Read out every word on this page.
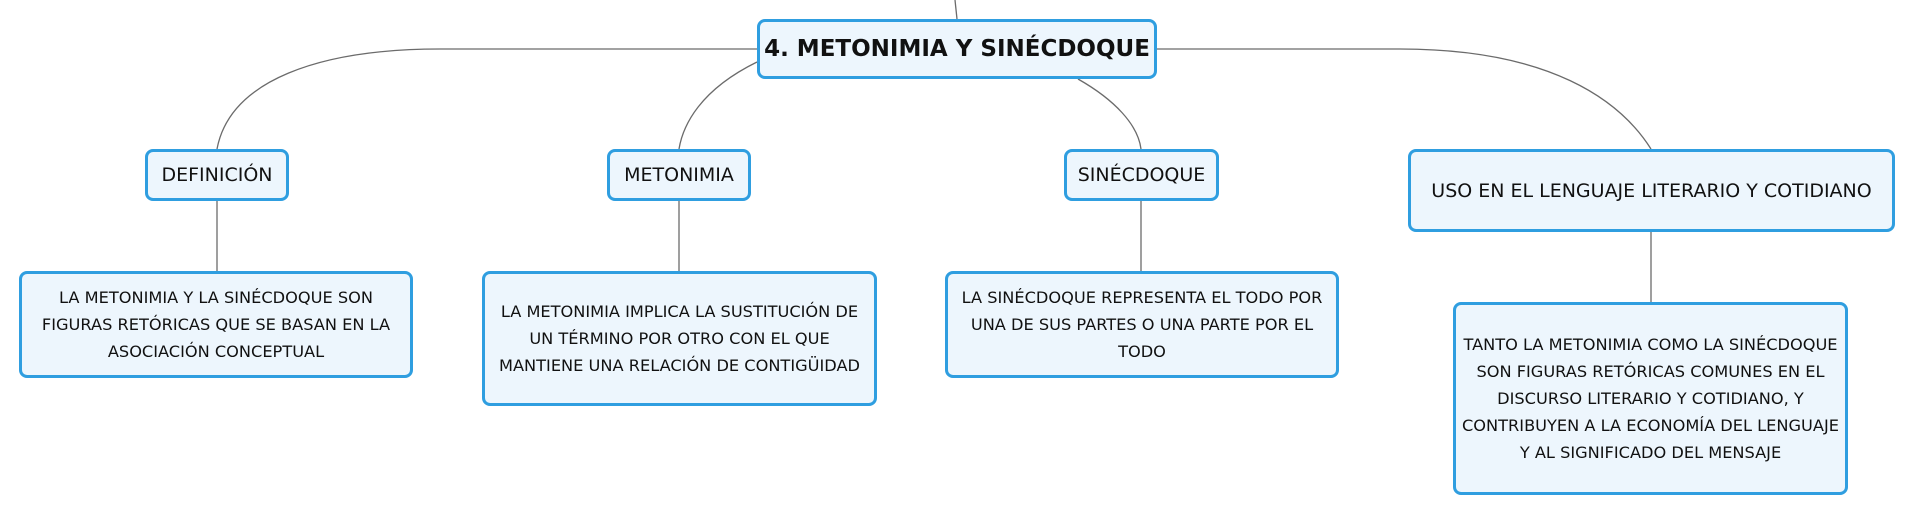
4. METONIMIA Y SINÉCDOQUE
DEFINICIÓN	METONIMIA	SINÉCDOQUE
USO EN EL LENGUAJE LITERARIO Y COTIDIANO
LA METONIMIA Y LA SINÉCDOQUE SON FIGURAS RETÓRICAS QUE SE BASAN EN LA ASOCIACIÓN CONCEPTUAL
LA METONIMIA IMPLICA LA SUSTITUCIÓN DE UN TÉRMINO POR OTRO CON EL QUE MANTIENE UNA RELACIÓN DE CONTIGÜIDAD
LA SINÉCDOQUE REPRESENTA EL TODO POR UNA DE SUS PARTES O UNA PARTE POR EL TODO	TANTO LA METONIMIA COMO LA SINÉCDOQUE SON FIGURAS RETÓRICAS COMUNES EN EL DISCURSO LITERARIO Y COTIDIANO, Y CONTRIBUYEN A LA ECONOMÍA DEL LENGUAJE Y AL SIGNIFICADO DEL MENSAJE
